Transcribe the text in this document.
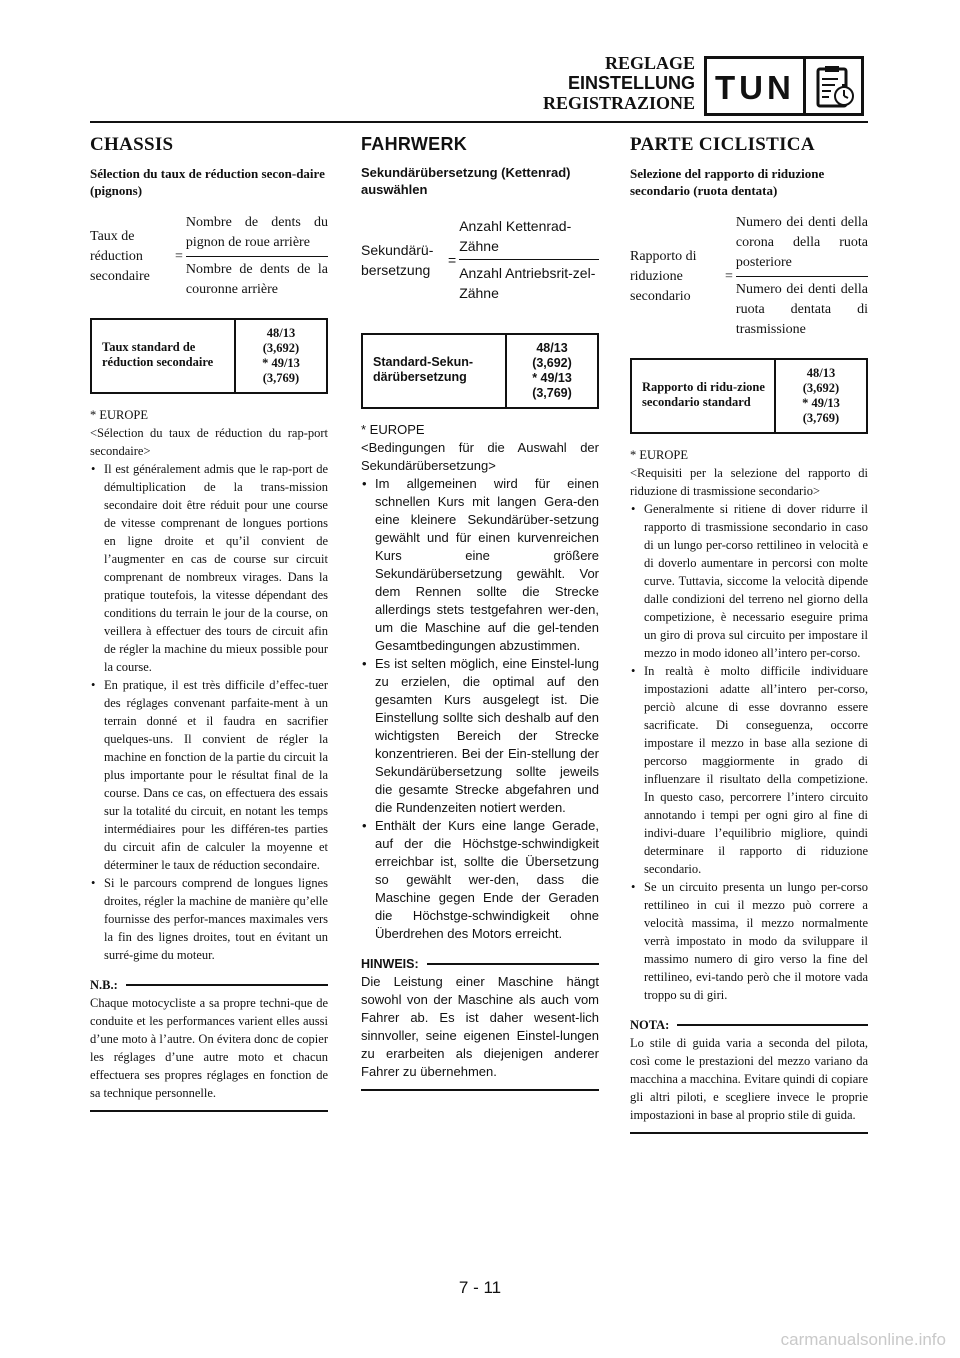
REGLAGE
EINSTELLUNG
REGISTRAZIONE TUN
CHASSIS
Sélection du taux de réduction secon-daire (pignons)
Taux de réduction secondaire
= $\frac{\text{Nombre de dents du pignon de roue arrière}}{\text{Nombre de dents de la couronne arrière}}$
Taux standard de réduction secondaire
48/13
(3,692)
* 49/13
(3,769)

* EUROPE

<Sélection du taux de réduction du rap-port secondaire>

• Il est généralement admis que le rap-port de démultiplication de la trans-mission secondaire doit être réduit pour une course de vitesse comprenant de longues portions en ligne droite et qu’il convient de l’augmenter en cas de course sur circuit comprenant de nombreux virages. Dans la pratique toutefois, la vitesse dépendant des conditions du terrain le jour de la course, on veillera à effectuer des tours de circuit afin de régler la machine du mieux possible pour la course.
• En pratique, il est très difficile d’effec-tuer des réglages convenant parfaite-ment à un terrain donné et il faudra en sacrifier quelques-uns. Il convient de régler la machine en fonction de la partie du circuit la plus importante pour le résultat final de la course. Dans ce cas, on effectuera des essais sur la totalité du circuit, en notant les temps intermédiaires pour les différen-tes parties du circuit afin de calculer la moyenne et déterminer le taux de réduction secondaire.
• Si le parcours comprend de longues lignes droites, régler la machine de manière qu’elle fournisse des perfor-mances maximales vers la fin des lignes droites, tout en évitant un surré-gime du moteur.
N.B.:

Chaque motocycliste a sa propre techni-que de conduite et les performances varient elles aussi d’une moto à l’autre. On évitera donc de copier les réglages d’une autre moto et chacun effectuera ses propres réglages en fonction de sa technique personnelle.

FAHRWERK
Sekundärübersetzung (Kettenrad) auswählen
Sekundärü-bersetzung
= $\frac{\text{Anzahl Kettenrad-Zähne}}{\text{Anzahl Antriebsrit-zel-Zähne}}$
Standard-Sekun-därübersetzung
48/13
(3,692)
* 49/13
(3,769)

* EUROPE

<Bedingungen für die Auswahl der Sekundärübersetzung>

• Im allgemeinen wird für einen schnellen Kurs mit langen Gera-den eine kleinere Sekundärüber-setzung gewählt und für einen kurvenreichen Kurs eine größere Sekundärübersetzung gewählt. Vor dem Rennen sollte die Strecke allerdings stets testgefahren wer-den, um die Maschine auf die gel-tenden Gesamtbedingungen abzustimmen.
• Es ist selten möglich, eine Einstel-lung zu erzielen, die optimal auf den gesamten Kurs ausgelegt ist. Die Einstellung sollte sich deshalb auf den wichtigsten Bereich der Strecke konzentrieren. Bei der Ein-stellung der Sekundärübersetzung sollte jeweils die gesamte Strecke abgefahren und die Rundenzeiten notiert werden.
• Enthält der Kurs eine lange Gerade, auf der die Höchstge-schwindigkeit erreichbar ist, sollte die Übersetzung so gewählt wer-den, dass die Maschine gegen Ende der Geraden die Höchstge-schwindigkeit ohne Überdrehen des Motors erreicht.
HINWEIS:

Die Leistung einer Maschine hängt sowohl von der Maschine als auch vom Fahrer ab. Es ist daher wesent-lich sinnvoller, seine eigenen Einstel-lungen zu erarbeiten als diejenigen anderer Fahrer zu übernehmen.

PARTE CICLISTICA
Selezione del rapporto di riduzione secondario (ruota dentata)
Rapporto di riduzione secondario
= $\frac{\text{Numero dei denti della corona della ruota posteriore}}{\text{Numero dei denti della ruota dentata di trasmissione}}$
Rapporto di ridu-zione secondario standard
48/13
(3,692)
* 49/13
(3,769)

* EUROPE

<Requisiti per la selezione del rapporto di riduzione di trasmissione secondario>

• Generalmente si ritiene di dover ridurre il rapporto di trasmissione secondario in caso di un lungo per-corso rettilineo in velocità e di doverlo aumentare in percorsi con molte curve. Tuttavia, siccome la velocità dipende dalle condizioni del terreno nel giorno della competizione, è necessario eseguire prima un giro di prova sul circuito per impostare il mezzo in modo idoneo all’intero per-corso.
• In realtà è molto difficile individuare impostazioni adatte all’intero per-corso, perciò alcune di esse dovranno essere sacrificate. Di conseguenza, occorre impostare il mezzo in base alla sezione di percorso maggiormente in grado di influenzare il risultato della competizione. In questo caso, percorrere l’intero circuito annotando i tempi per ogni giro al fine di indivi-duare l’equilibrio migliore, quindi determinare il rapporto di riduzione secondario.
• Se un circuito presenta un lungo per-corso rettilineo in cui il mezzo può correre a velocità massima, il mezzo normalmente verrà impostato in modo da sviluppare il massimo numero di giro verso la fine del rettilineo, evi-tando però che il motore vada troppo su di giri.
NOTA:

Lo stile di guida varia a seconda del pilota, così come le prestazioni del mezzo variano da macchina a macchina. Evitare quindi di copiare gli altri piloti, e scegliere invece le proprie impostazioni in base al proprio stile di guida.

7 - 11
carmanualsonline.info
